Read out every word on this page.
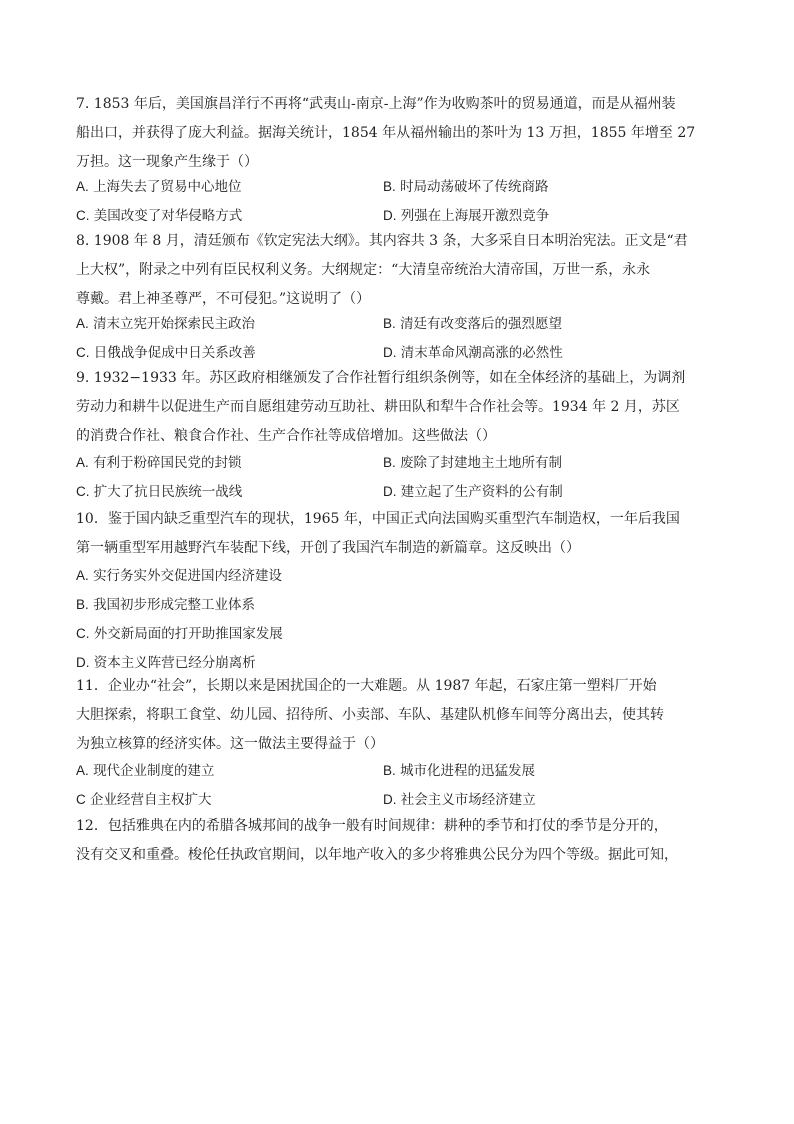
7. 1853 年后，美国旗昌洋行不再将“武夷山-南京-上海”作为收购茶叶的贸易通道，而是从福州装
船出口，并获得了庞大利益。据海关统计，1854 年从福州输出的茶叶为 13 万担，1855 年增至 27
万担。这一现象产生缘于（）
A. 上海失去了贸易中心地位	B. 时局动荡破坏了传统商路
C. 美国改变了对华侵略方式	D. 列强在上海展开激烈竞争
8. 1908 年 8 月，清廷颁布《钦定宪法大纲》。其内容共 3 条，大多采自日本明治宪法。正文是“君
上大权”，附录之中列有臣民权利义务。大纲规定：“大清皇帝统治大清帝国，万世一系，永永
尊戴。君上神圣尊严，不可侵犯。”这说明了（）
A. 清末立宪开始探索民主政治	B. 清廷有改变落后的强烈愿望
C. 日俄战争促成中日关系改善	D. 清末革命风潮高涨的必然性
9. 1932−1933 年。苏区政府相继颁发了合作社暂行组织条例等，如在全体经济的基础上，为调剂
劳动力和耕牛以促进生产而自愿组建劳动互助社、耕田队和犁牛合作社会等。1934 年 2 月，苏区
的消费合作社、粮食合作社、生产合作社等成倍增加。这些做法（）
A. 有利于粉碎国民党的封锁	B. 废除了封建地主土地所有制
C. 扩大了抗日民族统一战线	D. 建立起了生产资料的公有制
10．鉴于国内缺乏重型汽车的现状，1965 年，中国正式向法国购买重型汽车制造权，一年后我国
第一辆重型军用越野汽车装配下线，开创了我国汽车制造的新篇章。这反映出（）
A. 实行务实外交促进国内经济建设
B. 我国初步形成完整工业体系
C. 外交新局面的打开助推国家发展
D. 资本主义阵营已经分崩离析
11．企业办“社会”，长期以来是困扰国企的一大难题。从 1987 年起，石家庄第一塑料厂开始
大胆探索，将职工食堂、幼儿园、招待所、小卖部、车队、基建队机修车间等分离出去，使其转
为独立核算的经济实体。这一做法主要得益于（）
A. 现代企业制度的建立	B. 城市化进程的迅猛发展
C 企业经营自主权扩大	D. 社会主义市场经济建立
12．包括雅典在内的希腊各城邦间的战争一般有时间规律：耕种的季节和打仗的季节是分开的，
没有交叉和重叠。梭伦任执政官期间，以年地产收入的多少将雅典公民分为四个等级。据此可知，
